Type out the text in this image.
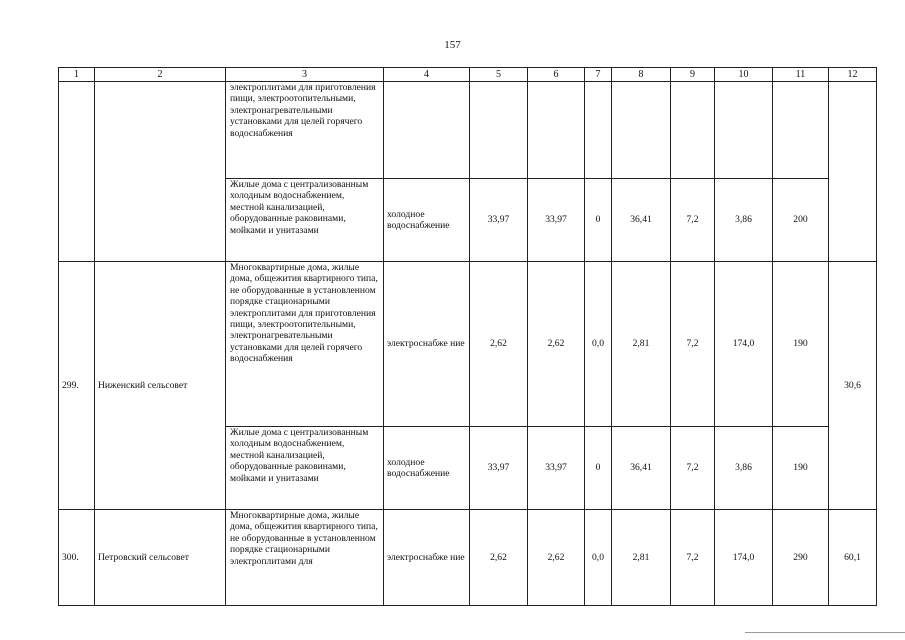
157
1	2	3	4	5	6	7	8	9	10	11	12
		электроплитами для приготовления пищи, электроотопительными, электронагревательными установками для целей горячего водоснабжения									
		Жилые дома с централизованным холодным водоснабжением, местной канализацией, оборудованные раковинами, мойками и унитазами	холодное водоснабжение	33,97	33,97	0	36,41	7,2	3,86	200	
299.	Ниженский сельсовет	Многоквартирные дома, жилые дома, общежития квартирного типа, не оборудованные в установленном порядке стационарными электроплитами для приготовления пищи, электроотопительными, электронагревательными установками для целей горячего водоснабжения	электроснабже ние	2,62	2,62	0,0	2,81	7,2	174,0	190	30,6
		Жилые дома с централизованным холодным водоснабжением, местной канализацией, оборудованные раковинами, мойками и унитазами	холодное водоснабжение	33,97	33,97	0	36,41	7,2	3,86	190	
300.	Петровский сельсовет	Многоквартирные дома, жилые дома, общежития квартирного типа, не оборудованные в установленном порядке стационарными электроплитами для	электроснабже ние	2,62	2,62	0,0	2,81	7,2	174,0	290	60,1
